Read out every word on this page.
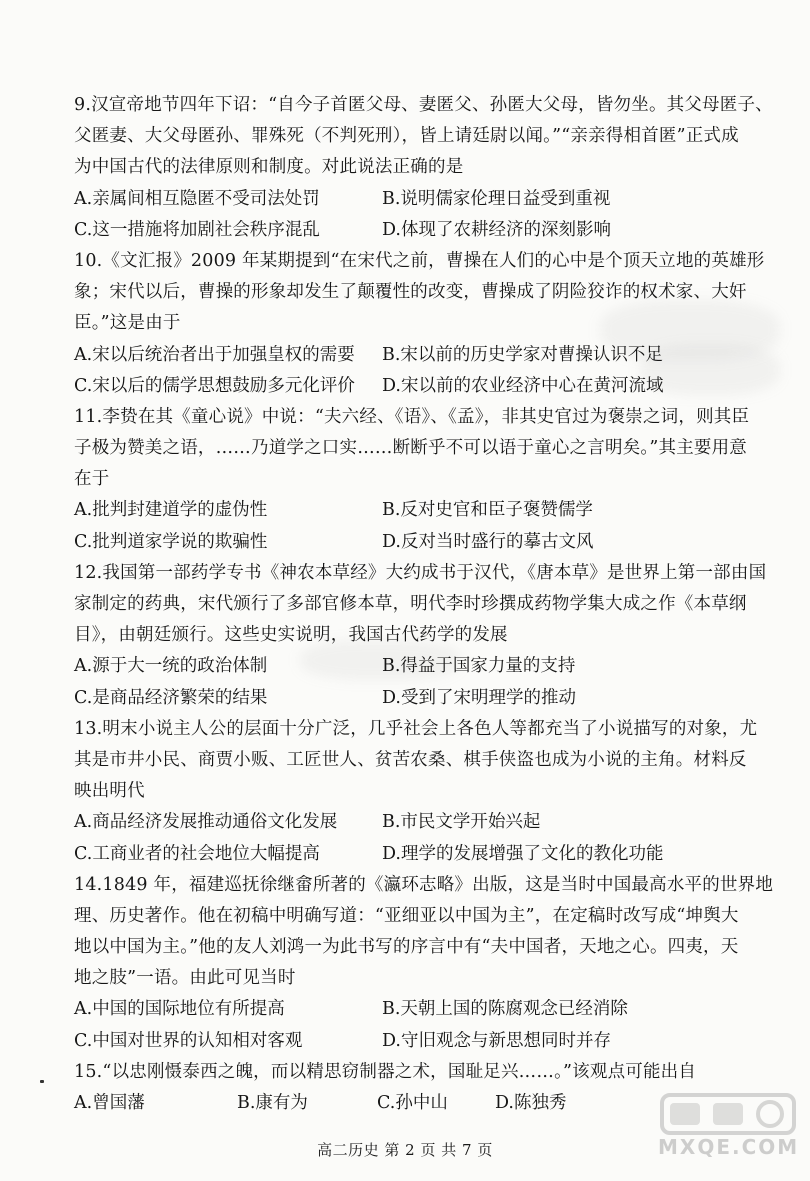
9.汉宣帝地节四年下诏：“自今子首匿父母、妻匿父、孙匿大父母，皆勿坐。其父母匿子、
父匿妻、大父母匿孙、罪殊死（不判死刑），皆上请廷尉以闻。”“亲亲得相首匿”正式成
为中国古代的法律原则和制度。对此说法正确的是
A.亲属间相互隐匿不受司法处罚	B.说明儒家伦理日益受到重视
C.这一措施将加剧社会秩序混乱	D.体现了农耕经济的深刻影响
10.《文汇报》2009 年某期提到“在宋代之前，曹操在人们的心中是个顶天立地的英雄形
象；宋代以后，曹操的形象却发生了颠覆性的改变，曹操成了阴险狡诈的权术家、大奸
臣。”这是由于
A.宋以后统治者出于加强皇权的需要 B.宋以前的历史学家对曹操认识不足
C.宋以后的儒学思想鼓励多元化评价 D.宋以前的农业经济中心在黄河流域
11.李贽在其《童心说》中说：“夫六经、《语》、《孟》，非其史官过为褒崇之词，则其臣
子极为赞美之语，……乃道学之口实……断断乎不可以语于童心之言明矣。”其主要用意
在于
A.批判封建道学的虚伪性	B.反对史官和臣子褒赞儒学
C.批判道家学说的欺骗性	D.反对当时盛行的摹古文风
12.我国第一部药学专书《神农本草经》大约成书于汉代，《唐本草》是世界上第一部由国
家制定的药典，宋代颁行了多部官修本草，明代李时珍撰成药物学集大成之作《本草纲
目》，由朝廷颁行。这些史实说明，我国古代药学的发展
A.源于大一统的政治体制	B.得益于国家力量的支持
C.是商品经济繁荣的结果	D.受到了宋明理学的推动
13.明末小说主人公的层面十分广泛，几乎社会上各色人等都充当了小说描写的对象，尤
其是市井小民、商贾小贩、工匠世人、贫苦农桑、棋手侠盗也成为小说的主角。材料反
映出明代
A.商品经济发展推动通俗文化发展	B.市民文学开始兴起
C.工商业者的社会地位大幅提高	D.理学的发展增强了文化的教化功能
14.1849 年，福建巡抚徐继畲所著的《瀛环志略》出版，这是当时中国最高水平的世界地
理、历史著作。他在初稿中明确写道：“亚细亚以中国为主”，在定稿时改写成“坤舆大
地以中国为主。”他的友人刘鸿一为此书写的序言中有“夫中国者，天地之心。四夷，天
地之肢”一语。由此可见当时
A.中国的国际地位有所提高	B.天朝上国的陈腐观念已经消除
C.中国对世界的认知相对客观	D.守旧观念与新思想同时并存
15.“以忠刚慑泰西之魄，而以精思窃制器之术，国耻足兴……。”该观点可能出自
A.曾国藩	B.康有为	C.孙中山	D.陈独秀
高二历史 第 2 页 共 7 页	MXQE.COM
